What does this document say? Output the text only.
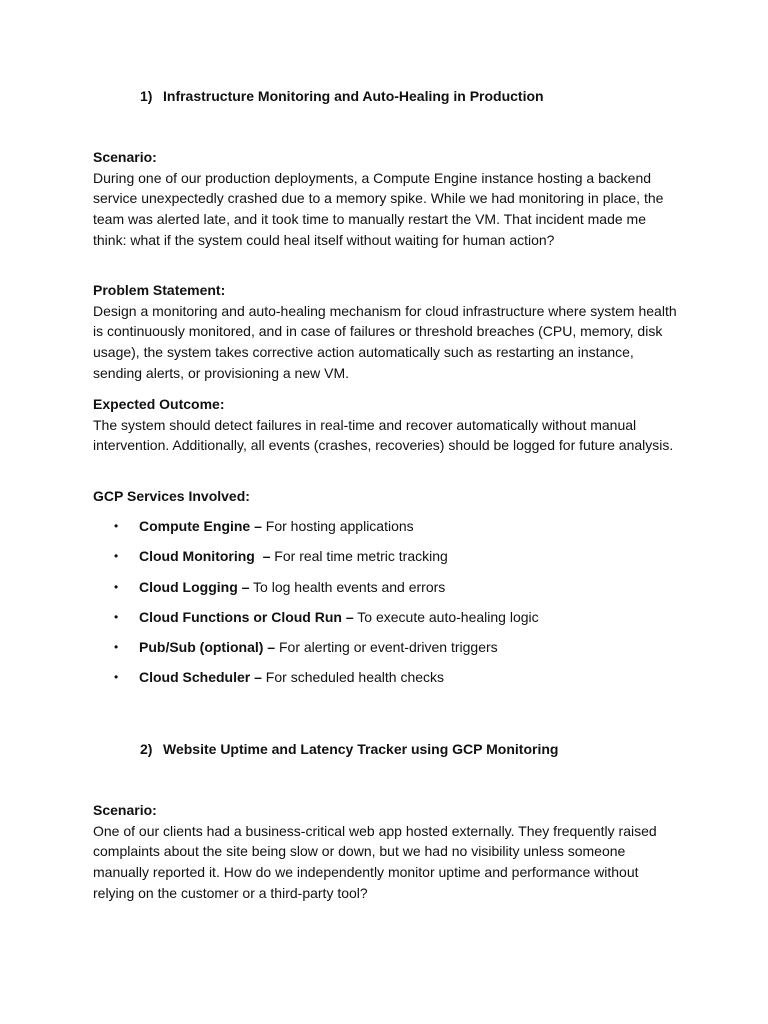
1) Infrastructure Monitoring and Auto-Healing in Production

Scenario:

During one of our production deployments, a Compute Engine instance hosting a backend service unexpectedly crashed due to a memory spike. While we had monitoring in place, the team was alerted late, and it took time to manually restart the VM. That incident made me think: what if the system could heal itself without waiting for human action?

Problem Statement:

Design a monitoring and auto-healing mechanism for cloud infrastructure where system health is continuously monitored, and in case of failures or threshold breaches (CPU, memory, disk usage), the system takes corrective action automatically such as restarting an instance, sending alerts, or provisioning a new VM.

Expected Outcome:

The system should detect failures in real-time and recover automatically without manual intervention. Additionally, all events (crashes, recoveries) should be logged for future analysis.

GCP Services Involved:

• Compute Engine – For hosting applications
• Cloud Monitoring  – For real time metric tracking
• Cloud Logging – To log health events and errors
• Cloud Functions or Cloud Run – To execute auto-healing logic
• Pub/Sub (optional) – For alerting or event-driven triggers
• Cloud Scheduler – For scheduled health checks

2) Website Uptime and Latency Tracker using GCP Monitoring

Scenario:

One of our clients had a business-critical web app hosted externally. They frequently raised complaints about the site being slow or down, but we had no visibility unless someone manually reported it. How do we independently monitor uptime and performance without relying on the customer or a third-party tool?
